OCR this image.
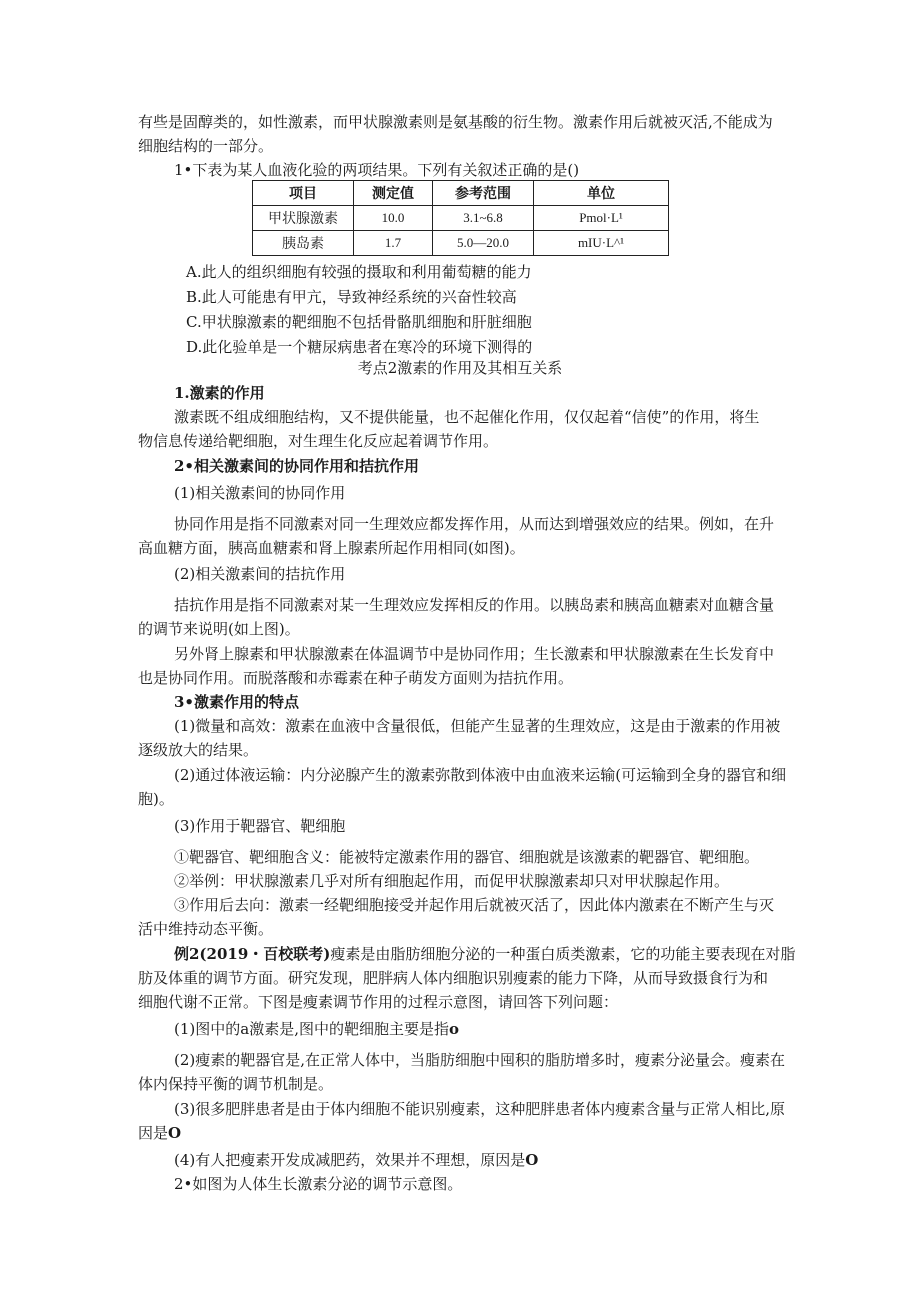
有些是固醇类的，如性激素，而甲状腺激素则是氨基酸的衍生物。激素作用后就被灭活,不能成为
细胞结构的一部分。
1•下表为某人血液化验的两项结果。下列有关叙述正确的是()
项目	测定值	参考范围	单位
甲状腺激素	10.0	3.1~6.8	Pmol·L¹
胰岛素	1.7	5.0—20.0	mIU·L^¹
A.此人的组织细胞有较强的摄取和利用葡萄糖的能力
B.此人可能患有甲亢，导致神经系统的兴奋性较高
C.甲状腺激素的靶细胞不包括骨骼肌细胞和肝脏细胞
D.此化验单是一个糖尿病患者在寒冷的环境下测得的
考点2激素的作用及其相互关系
1.激素的作用
激素既不组成细胞结构，又不提供能量，也不起催化作用，仅仅起着“信使”的作用，将生
物信息传递给靶细胞，对生理生化反应起着调节作用。
2•相关激素间的协同作用和拮抗作用
(1)相关激素间的协同作用
协同作用是指不同激素对同一生理效应都发挥作用，从而达到增强效应的结果。例如，在升
高血糖方面，胰高血糖素和肾上腺素所起作用相同(如图)。
(2)相关激素间的拮抗作用
拮抗作用是指不同激素对某一生理效应发挥相反的作用。以胰岛素和胰高血糖素对血糖含量
的调节来说明(如上图)。
另外肾上腺素和甲状腺激素在体温调节中是协同作用；生长激素和甲状腺激素在生长发育中
也是协同作用。而脱落酸和赤霉素在种子萌发方面则为拮抗作用。
3•激素作用的特点
(1)微量和高效：激素在血液中含量很低，但能产生显著的生理效应，这是由于激素的作用被
逐级放大的结果。
(2)通过体液运输：内分泌腺产生的激素弥散到体液中由血液来运输(可运输到全身的器官和细
胞)。
(3)作用于靶器官、靶细胞
①靶器官、靶细胞含义：能被特定激素作用的器官、细胞就是该激素的靶器官、靶细胞。
②举例：甲状腺激素几乎对所有细胞起作用，而促甲状腺激素却只对甲状腺起作用。
③作用后去向：激素一经靶细胞接受并起作用后就被灭活了，因此体内激素在不断产生与灭
活中维持动态平衡。
例2(2019・百校联考)瘦素是由脂肪细胞分泌的一种蛋白质类激素，它的功能主要表现在对脂
肪及体重的调节方面。研究发现，肥胖病人体内细胞识别瘦素的能力下降，从而导致摄食行为和
细胞代谢不正常。下图是瘦素调节作用的过程示意图，请回答下列问题：
(1)图中的a激素是,图中的靶细胞主要是指o
(2)瘦素的靶器官是,在正常人体中，当脂肪细胞中囤积的脂肪增多时，瘦素分泌量会。瘦素在
体内保持平衡的调节机制是。
(3)很多肥胖患者是由于体内细胞不能识别瘦素，这种肥胖患者体内瘦素含量与正常人相比,原
因是O
(4)有人把瘦素开发成减肥药，效果并不理想，原因是O
2•如图为人体生长激素分泌的调节示意图。
